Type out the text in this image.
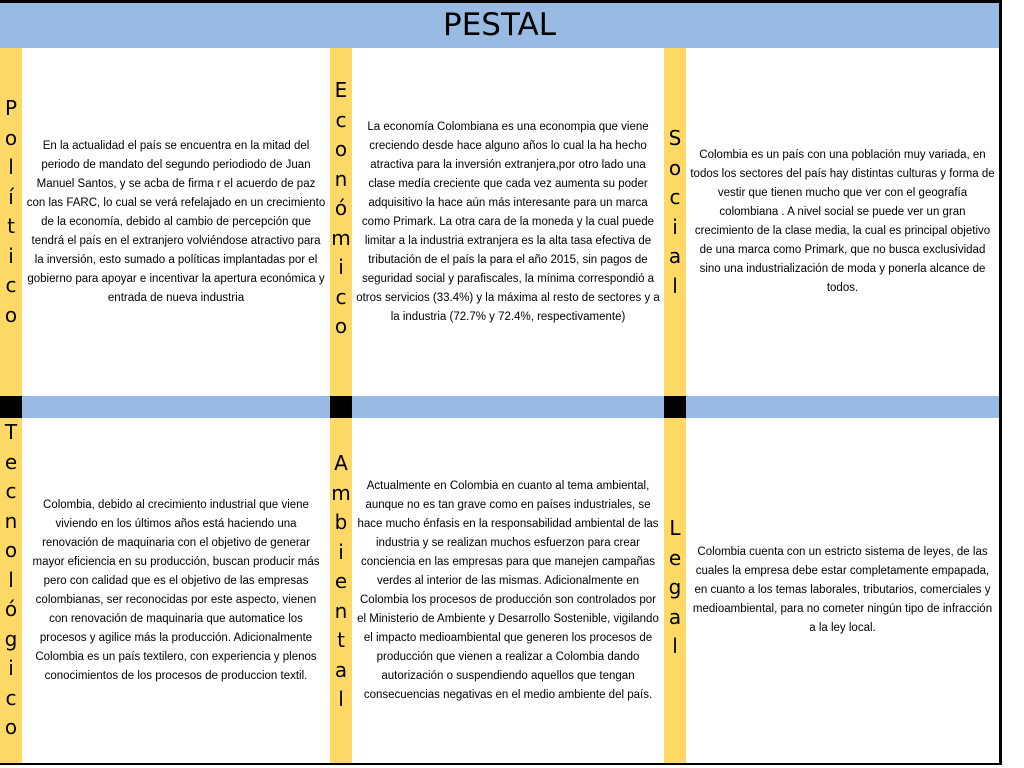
PESTAL
P
o
l
í
t
i
c
o

En la actualidad el país se encuentra en la mitad del periodo de mandato del segundo periodiodo de Juan Manuel Santos, y se acba de firma r el acuerdo de paz con las FARC, lo cual se verá refelajado en un crecimiento de la economía, debido al cambio de percepción que tendrá el país en el extranjero volviéndose atractivo para la inversión, esto sumado a políticas implantadas por el gobierno para apoyar e incentivar la apertura económica y entrada de nueva industria

E
c
o
n
ó
m
i
c
o

La economía Colombiana es una econompia que viene creciendo desde hace alguno años lo cual la ha hecho atractiva para la inversión extranjera,por otro lado una clase medía creciente que cada vez aumenta su poder adquisitivo la hace aún más interesante para un marca como Primark. La otra cara de la moneda y la cual puede limitar a la industria extranjera es la alta tasa efectiva de tributación de el país la para el año 2015, sin pagos de seguridad social y parafiscales, la mínima correspondió a otros servicios (33.4%) y la máxima al resto de sectores y a la industria (72.7% y 72.4%, respectivamente)

S
o
c
i
a
l

Colombia es un país con una población muy variada, en todos los sectores del país hay distintas culturas y forma de vestir que tienen mucho que ver con el geografía colombiana . A nivel social se puede ver un gran crecimiento de la clase media, la cual es principal objetivo de una marca como Primark, que no busca exclusividad sino una industrialización de moda y ponerla alcance de todos.

T
e
c
n
o
l
ó
g
i
c
o

Colombia, debido al crecimiento industrial que viene viviendo en los últimos años está haciendo una renovación de maquinaria con el objetivo de generar mayor eficiencia en su producción, buscan producir más pero con calidad que es el objetivo de las empresas colombianas, ser reconocidas por este aspecto, vienen con renovación de maquinaria que automatice los procesos y agilice más la producción. Adicionalmente Colombia es un país textilero, con experiencia y plenos conocimientos de los procesos de produccion textil.

A
m
b
i
e
n
t
a
l

Actualmente en Colombia en cuanto al tema ambiental, aunque no es tan grave como en países industriales, se hace mucho énfasis en la responsabilidad ambiental de las industria y se realizan muchos esfuerzon para crear conciencia en las empresas para que manejen campañas verdes al interior de las mismas. Adicionalmente en Colombia los procesos de producción son controlados por el Ministerio de Ambiente y Desarrollo Sostenible, vigilando el impacto medioambiental que generen los procesos de producción que vienen a realizar a Colombia dando autorización o suspendiendo aquellos que tengan consecuencias negativas en el medio ambiente del país.

L
e
g
a
l

Colombia cuenta con un estricto sistema de leyes, de las cuales la empresa debe estar completamente empapada, en cuanto a los temas laborales, tributarios, comerciales y medioambiental, para no cometer ningún tipo de infracción a la ley local.
